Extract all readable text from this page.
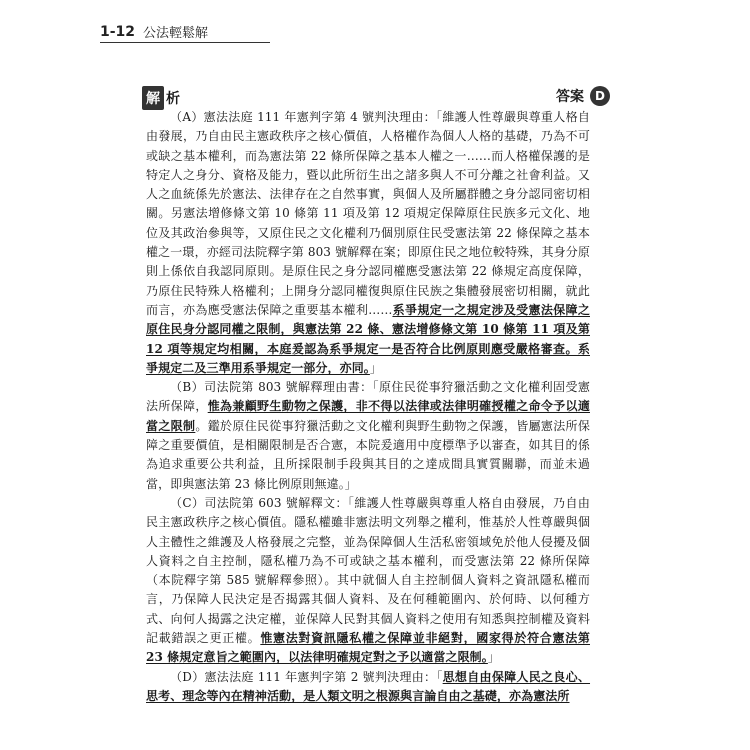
1-12 公法輕鬆解
解 析	答案 D

（A）憲法法庭 111 年憲判字第 4 號判決理由：「維護人性尊嚴與尊重人格自由發展，乃自由民主憲政秩序之核心價值，人格權作為個人人格的基礎，乃為不可或缺之基本權利，而為憲法第 22 條所保障之基本人權之一……而人格權保護的是特定人之身分、資格及能力，暨以此所衍生出之諸多與人不可分離之社會利益。又人之血統係先於憲法、法律存在之自然事實，與個人及所屬群體之身分認同密切相關。另憲法增修條文第 10 條第 11 項及第 12 項規定保障原住民族多元文化、地位及其政治參與等，又原住民之文化權利乃個別原住民受憲法第 22 條保障之基本權之一環，亦經司法院釋字第 803 號解釋在案；即原住民之地位較特殊，其身分原則上係依自我認同原則。是原住民之身分認同權應受憲法第 22 條規定高度保障，乃原住民特殊人格權利；上開身分認同權復與原住民族之集體發展密切相關，就此而言，亦為應受憲法保障之重要基本權利……系爭規定一之規定涉及受憲法保障之原住民身分認同權之限制，與憲法第 22 條、憲法增修條文第 10 條第 11 項及第 12 項等規定均相關，本庭爰認為系爭規定一是否符合比例原則應受嚴格審查。系爭規定二及三準用系爭規定一部分，亦同。」

（B）司法院第 803 號解釋理由書：「原住民從事狩獵活動之文化權利固受憲法所保障，惟為兼顧野生動物之保護，非不得以法律或法律明確授權之命令予以適當之限制。鑑於原住民從事狩獵活動之文化權利與野生動物之保護，皆屬憲法所保障之重要價值，是相關限制是否合憲，本院爰適用中度標準予以審查，如其目的係為追求重要公共利益，且所採限制手段與其目的之達成間具實質關聯，而並未過當，即與憲法第 23 條比例原則無違。」

（C）司法院第 603 號解釋文：「維護人性尊嚴與尊重人格自由發展，乃自由民主憲政秩序之核心價值。隱私權雖非憲法明文列舉之權利，惟基於人性尊嚴與個人主體性之維護及人格發展之完整，並為保障個人生活私密領域免於他人侵擾及個人資料之自主控制，隱私權乃為不可或缺之基本權利，而受憲法第 22 條所保障（本院釋字第 585 號解釋參照）。其中就個人自主控制個人資料之資訊隱私權而言，乃保障人民決定是否揭露其個人資料、及在何種範圍內、於何時、以何種方式、向何人揭露之決定權，並保障人民對其個人資料之使用有知悉與控制權及資料記載錯誤之更正權。惟憲法對資訊隱私權之保障並非絕對，國家得於符合憲法第 23 條規定意旨之範圍內，以法律明確規定對之予以適當之限制。」

（D）憲法法庭 111 年憲判字第 2 號判決理由：「思想自由保障人民之良心、思考、理念等內在精神活動，是人類文明之根源與言論自由之基礎，亦為憲法所
